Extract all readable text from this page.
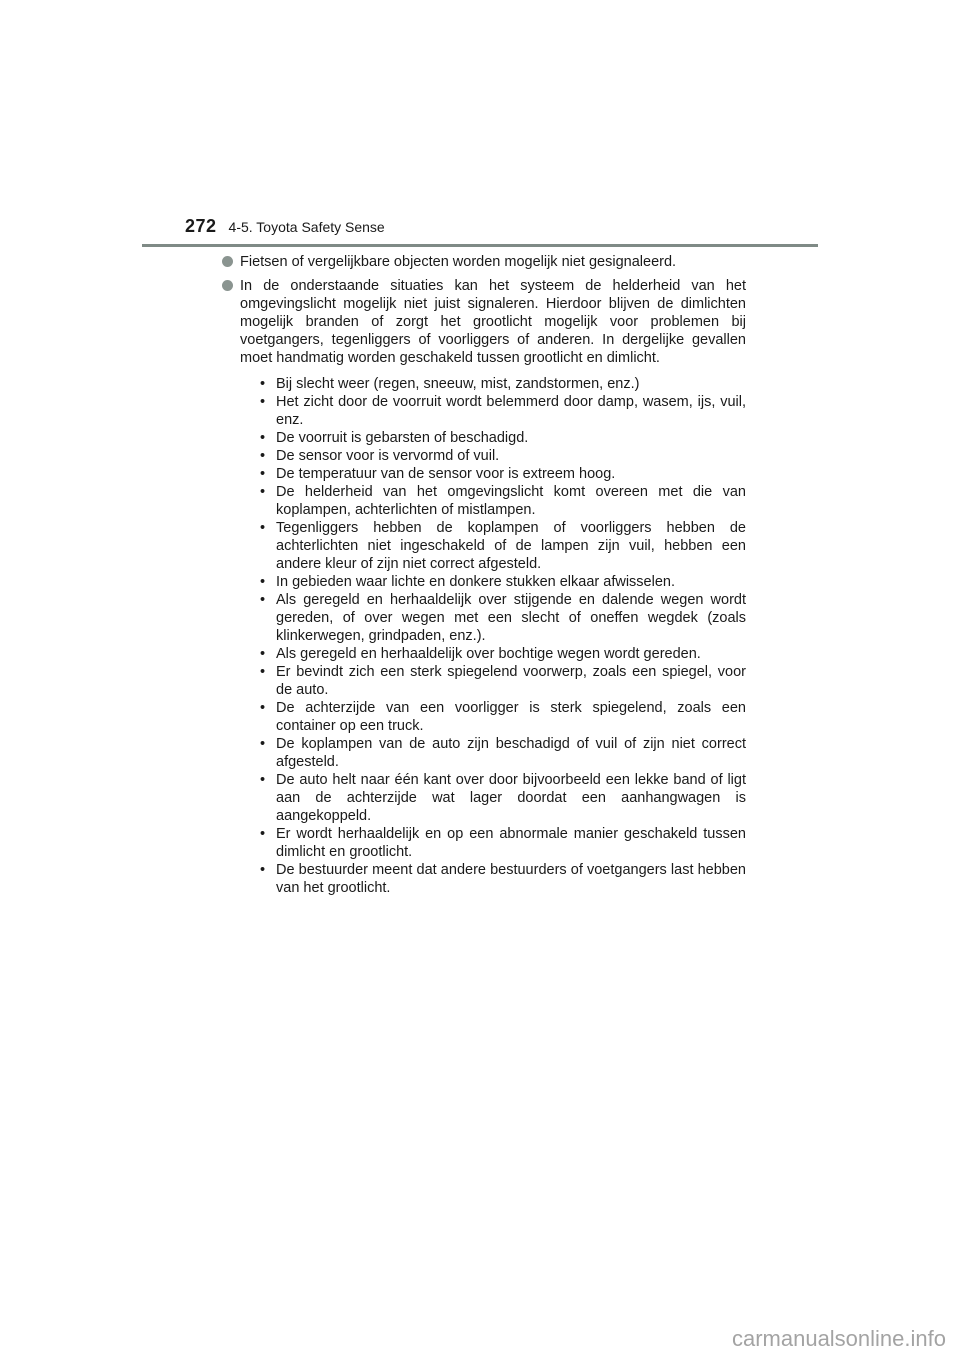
272 4-5. Toyota Safety Sense
Fietsen of vergelijkbare objecten worden mogelijk niet gesignaleerd.
In de onderstaande situaties kan het systeem de helderheid van het omgevingslicht mogelijk niet juist signaleren. Hierdoor blijven de dimlichten mogelijk branden of zorgt het grootlicht mogelijk voor problemen bij voetgangers, tegenliggers of voorliggers of anderen. In dergelijke gevallen moet handmatig worden geschakeld tussen grootlicht en dimlicht.
• Bij slecht weer (regen, sneeuw, mist, zandstormen, enz.)
• Het zicht door de voorruit wordt belemmerd door damp, wasem, ijs, vuil, enz.
• De voorruit is gebarsten of beschadigd.
• De sensor voor is vervormd of vuil.
• De temperatuur van de sensor voor is extreem hoog.
• De helderheid van het omgevingslicht komt overeen met die van koplampen, achterlichten of mistlampen.
• Tegenliggers hebben de koplampen of voorliggers hebben de achterlichten niet ingeschakeld of de lampen zijn vuil, hebben een andere kleur of zijn niet correct afgesteld.
• In gebieden waar lichte en donkere stukken elkaar afwisselen.
• Als geregeld en herhaaldelijk over stijgende en dalende wegen wordt gereden, of over wegen met een slecht of oneffen wegdek (zoals klinkerwegen, grindpaden, enz.).
• Als geregeld en herhaaldelijk over bochtige wegen wordt gereden.
• Er bevindt zich een sterk spiegelend voorwerp, zoals een spiegel, voor de auto.
• De achterzijde van een voorligger is sterk spiegelend, zoals een container op een truck.
• De koplampen van de auto zijn beschadigd of vuil of zijn niet correct afgesteld.
• De auto helt naar één kant over door bijvoorbeeld een lekke band of ligt aan de achterzijde wat lager doordat een aanhangwagen is aangekoppeld.
• Er wordt herhaaldelijk en op een abnormale manier geschakeld tussen dimlicht en grootlicht.
• De bestuurder meent dat andere bestuurders of voetgangers last hebben van het grootlicht.
carmanualsonline.info
